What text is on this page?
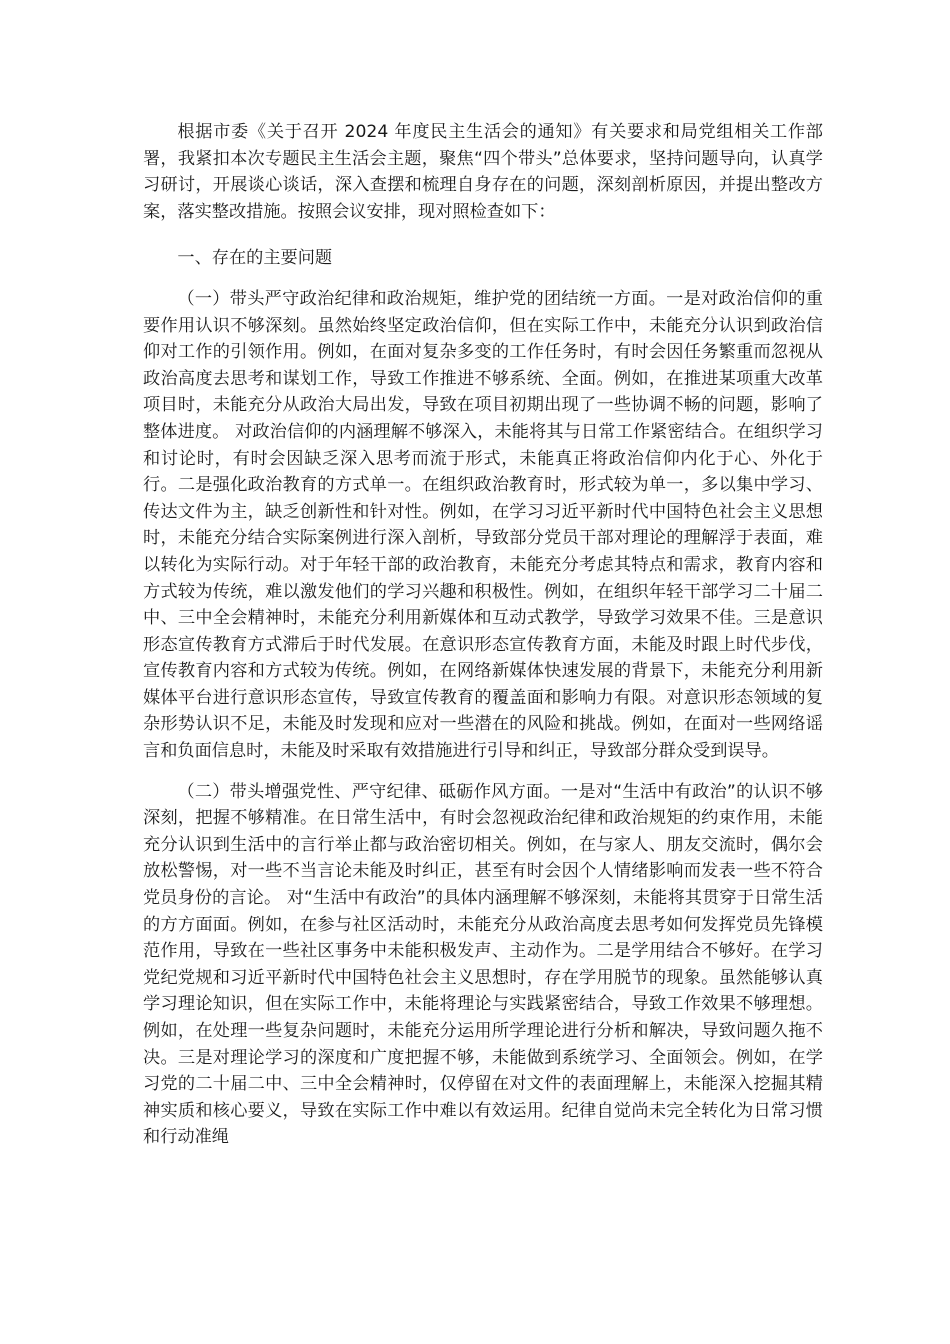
根据市委《关于召开 2024 年度民主生活会的通知》有关要求和局党组相关工作部署，我紧扣本次专题民主生活会主题，聚焦“四个带头”总体要求，坚持问题导向，认真学习研讨，开展谈心谈话，深入查摆和梳理自身存在的问题，深刻剖析原因，并提出整改方案，落实整改措施。按照会议安排，现对照检查如下：

一、存在的主要问题

（一）带头严守政治纪律和政治规矩，维护党的团结统一方面。一是对政治信仰的重要作用认识不够深刻。虽然始终坚定政治信仰，但在实际工作中，未能充分认识到政治信仰对工作的引领作用。例如，在面对复杂多变的工作任务时，有时会因任务繁重而忽视从政治高度去思考和谋划工作，导致工作推进不够系统、全面。例如，在推进某项重大改革项目时，未能充分从政治大局出发，导致在项目初期出现了一些协调不畅的问题，影响了整体进度。 对政治信仰的内涵理解不够深入，未能将其与日常工作紧密结合。在组织学习和讨论时，有时会因缺乏深入思考而流于形式，未能真正将政治信仰内化于心、外化于行。二是强化政治教育的方式单一。在组织政治教育时，形式较为单一，多以集中学习、传达文件为主，缺乏创新性和针对性。例如，在学习习近平新时代中国特色社会主义思想时，未能充分结合实际案例进行深入剖析，导致部分党员干部对理论的理解浮于表面，难以转化为实际行动。对于年轻干部的政治教育，未能充分考虑其特点和需求，教育内容和方式较为传统，难以激发他们的学习兴趣和积极性。例如，在组织年轻干部学习二十届二中、三中全会精神时，未能充分利用新媒体和互动式教学，导致学习效果不佳。三是意识形态宣传教育方式滞后于时代发展。在意识形态宣传教育方面，未能及时跟上时代步伐，宣传教育内容和方式较为传统。例如，在网络新媒体快速发展的背景下，未能充分利用新媒体平台进行意识形态宣传，导致宣传教育的覆盖面和影响力有限。对意识形态领域的复杂形势认识不足，未能及时发现和应对一些潜在的风险和挑战。例如，在面对一些网络谣言和负面信息时，未能及时采取有效措施进行引导和纠正，导致部分群众受到误导。

（二）带头增强党性、严守纪律、砥砺作风方面。一是对“生活中有政治”的认识不够深刻，把握不够精准。在日常生活中，有时会忽视政治纪律和政治规矩的约束作用，未能充分认识到生活中的言行举止都与政治密切相关。例如，在与家人、朋友交流时，偶尔会放松警惕，对一些不当言论未能及时纠正，甚至有时会因个人情绪影响而发表一些不符合党员身份的言论。 对“生活中有政治”的具体内涵理解不够深刻，未能将其贯穿于日常生活的方方面面。例如，在参与社区活动时，未能充分从政治高度去思考如何发挥党员先锋模范作用，导致在一些社区事务中未能积极发声、主动作为。二是学用结合不够好。在学习党纪党规和习近平新时代中国特色社会主义思想时，存在学用脱节的现象。虽然能够认真学习理论知识，但在实际工作中，未能将理论与实践紧密结合，导致工作效果不够理想。例如，在处理一些复杂问题时，未能充分运用所学理论进行分析和解决，导致问题久拖不决。三是对理论学习的深度和广度把握不够，未能做到系统学习、全面领会。例如，在学习党的二十届二中、三中全会精神时，仅停留在对文件的表面理解上，未能深入挖掘其精神实质和核心要义，导致在实际工作中难以有效运用。纪律自觉尚未完全转化为日常习惯和行动准绳
